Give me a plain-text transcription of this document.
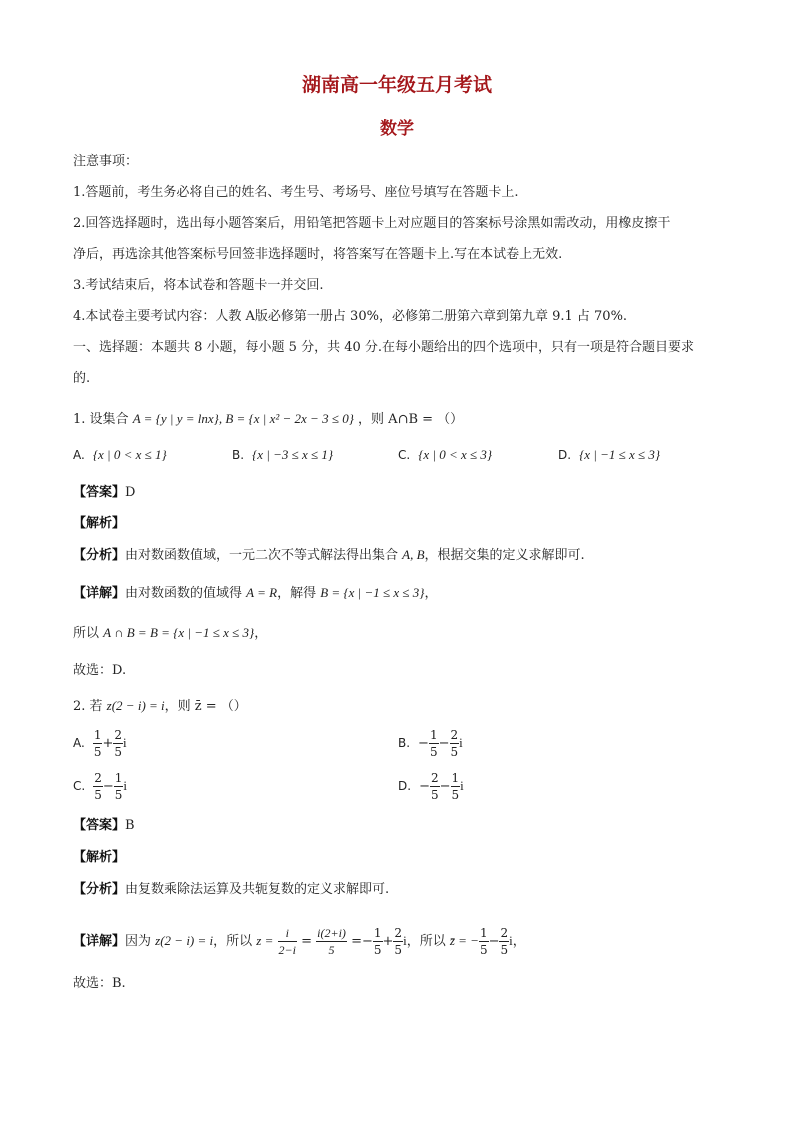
湖南高一年级五月考试
数学
注意事项：
1.答题前，考生务必将自己的姓名、考生号、考场号、座位号填写在答题卡上.
2.回答选择题时，选出每小题答案后，用铅笔把答题卡上对应题目的答案标号涂黑如需改动，用橡皮擦干
净后，再选涂其他答案标号回签非选择题时，将答案写在答题卡上.写在本试卷上无效.
3.考试结束后，将本试卷和答题卡一并交回.
4.本试卷主要考试内容：人教 A版必修第一册占 30%，必修第二册第六章到第九章 9.1 占 70%.
一、选择题：本题共 8 小题，每小题 5 分，共 40 分.在每小题给出的四个选项中，只有一项是符合题目要求
的.
1. 设集合 A = {y | y = lnx}, B = {x | x² − 2x − 3 ≤ 0} ，则 A∩B = （）
A. {x | 0 < x ≤ 1}	B. {x | −3 ≤ x ≤ 1}	C. {x | 0 < x ≤ 3}	D. {x | −1 ≤ x ≤ 3}
【答案】D
【解析】
【分析】由对数函数值域，一元二次不等式解法得出集合 A, B，根据交集的定义求解即可.
【详解】由对数函数的值域得 A = R，解得 B = {x | −1 ≤ x ≤ 3}，
所以 A ∩ B = B = {x | −1 ≤ x ≤ 3}，
故选：D.
2. 若 z(2 − i) = i，则 z̄ = （）
A. $\frac{1}{5} + \frac{2}{5}$ i	B. − $\frac{1}{5} - \frac{2}{5}$ i
C. $\frac{2}{5} - \frac{1}{5}$ i	D. − $\frac{2}{5} - \frac{1}{5}$ i
【答案】B
【解析】
【分析】由复数乘除法运算及共轭复数的定义求解即可.
【详解】因为 z(2 − i) = i，所以 $z = \frac{i}{2-i} = \frac{i(2+i)}{5} =- \frac{1}{5} + \frac{2}{5}$ i，所以 z̄ = − $\frac{1}{5} - \frac{2}{5}$ i，
故选：B.
